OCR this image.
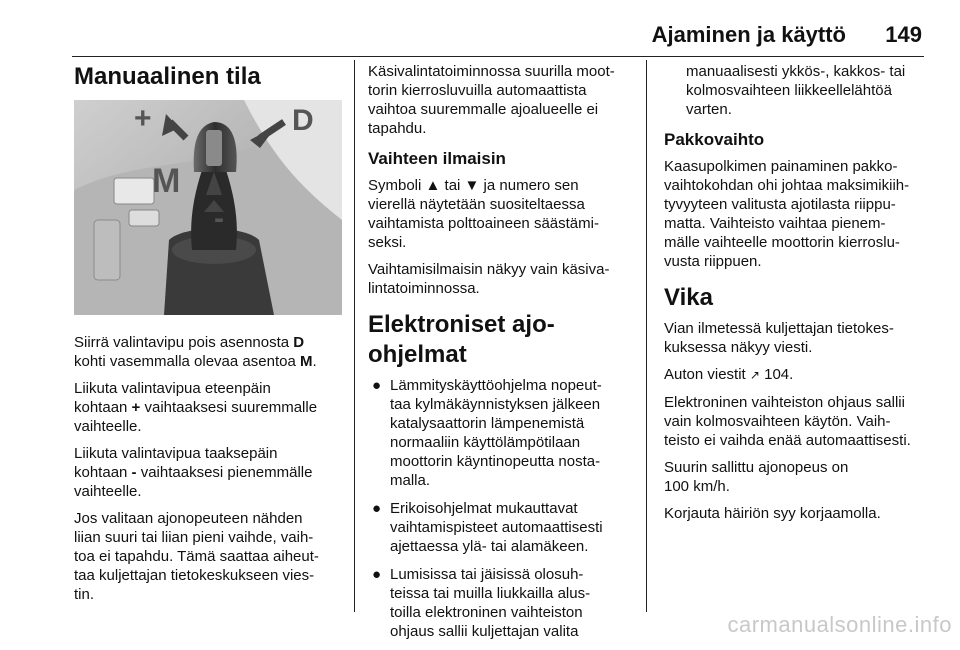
Ajaminen ja käyttö 149
Manuaalinen tila
+
-
M
D

Siirrä valintavipu pois asennosta D
kohti vasemmalla olevaa asentoa M.

Liikuta valintavipua eteenpäin
kohtaan + vaihtaaksesi suuremmalle
vaihteelle.

Liikuta valintavipua taaksepäin
kohtaan - vaihtaaksesi pienemmälle
vaihteelle.

Jos valitaan ajonopeuteen nähden
liian suuri tai liian pieni vaihde, vaih-
toa ei tapahdu. Tämä saattaa aiheut-
taa kuljettajan tietokeskukseen vies-
tin.

Käsivalintatoiminnossa suurilla moot-
torin kierrosluvuilla automaattista
vaihtoa suuremmalle ajoalueelle ei
tapahdu.

Vaihteen ilmaisin

Symboli ▲ tai ▼ ja numero sen
vierellä näytetään suositeltaessa
vaihtamista polttoaineen säästämi-
seksi.

Vaihtamisilmaisin näkyy vain käsiva-
lintatoiminnossa.

Elektroniset ajo-ohjelmat
● Lämmityskäyttöohjelma nopeut-
taa kylmäkäynnistyksen jälkeen
katalysaattorin lämpenemistä
normaaliin käyttölämpötilaan
moottorin käyntinopeutta nosta-
malla.
● Erikoisohjelmat mukauttavat
vaihtamispisteet automaattisesti
ajettaessa ylä- tai alamäkeen.
● Lumisissa tai jäisissä olosuh-
teissa tai muilla liukkailla alus-
toilla elektroninen vaihteiston
ohjaus sallii kuljettajan valita

manuaalisesti ykkös-, kakkos- tai
kolmosvaihteen liikkeellelähtöä
varten.

Pakkovaihto

Kaasupolkimen painaminen pakko-
vaihtokohdan ohi johtaa maksimikiih-
tyvyyteen valitusta ajotilasta riippu-
matta. Vaihteisto vaihtaa pienem-
mälle vaihteelle moottorin kierroslu-
vusta riippuen.

Vika

Vian ilmetessä kuljettajan tietokes-
kuksessa näkyy viesti.

Auton viestit ↗ 104.

Elektroninen vaihteiston ohjaus sallii
vain kolmosvaihteen käytön. Vaih-
teisto ei vaihda enää automaattisesti.

Suurin sallittu ajonopeus on
100 km/h.

Korjauta häiriön syy korjaamolla.

carmanualsonline.info
